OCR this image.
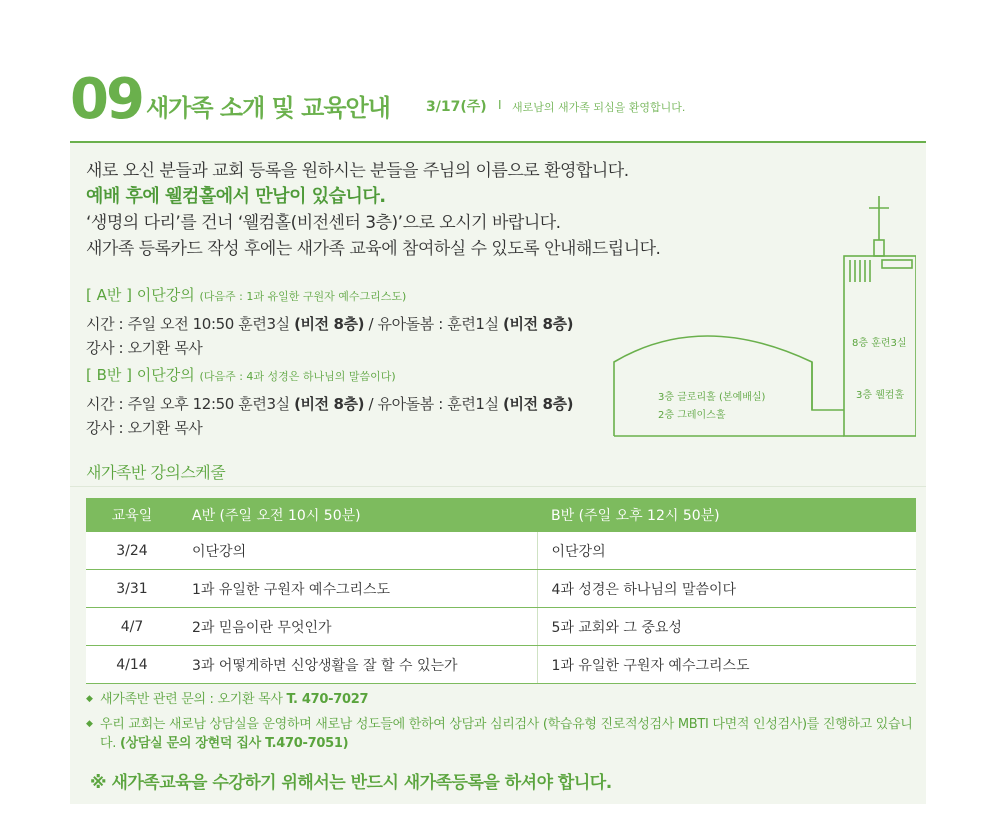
09 새가족 소개 및 교육안내	3/17(주) I 새로남의 새가족 되심을 환영합니다.
새로 오신 분들과 교회 등록을 원하시는 분들을 주님의 이름으로 환영합니다.
예배 후에 웰컴홀에서 만남이 있습니다.
‘생명의 다리’를 건너 ‘웰컴홀(비전센터 3층)’으로 오시기 바랍니다.
새가족 등록카드 작성 후에는 새가족 교육에 참여하실 수 있도록 안내해드립니다.
[ A반 ] 이단강의 (다음주 : 1과 유일한 구원자 예수그리스도)
시간 : 주일 오전 10:50 훈련3실 (비전 8층) / 유아돌봄 : 훈련1실 (비전 8층)
강사 : 오기환 목사
[ B반 ] 이단강의 (다음주 : 4과 성경은 하나님의 말씀이다)
시간 : 주일 오후 12:50 훈련3실 (비전 8층) / 유아돌봄 : 훈련1실 (비전 8층)
강사 : 오기환 목사
3층 글로리홀 (본예배실)
2층 그레이스홀
8층 훈련3실
3층 웰컴홀
새가족반 강의스케줄
교육일	A반 (주일 오전 10시 50분)	B반 (주일 오후 12시 50분)
3/24	이단강의	이단강의
3/31	1과 유일한 구원자 예수그리스도	4과 성경은 하나님의 말씀이다
4/7	2과 믿음이란 무엇인가	5과 교회와 그 중요성
4/14	3과 어떻게하면 신앙생활을 잘 할 수 있는가	1과 유일한 구원자 예수그리스도
◆ 새가족반 관련 문의 : 오기환 목사 T. 470-7027
◆ 우리 교회는 새로남 상담실을 운영하며 새로남 성도들에 한하여 상담과 심리검사 (학습유형 진로적성검사 MBTI 다면적 인성검사)를 진행하고 있습니다. (상담실 문의 장현덕 집사 T.470-7051)
※ 새가족교육을 수강하기 위해서는 반드시 새가족등록을 하셔야 합니다.
